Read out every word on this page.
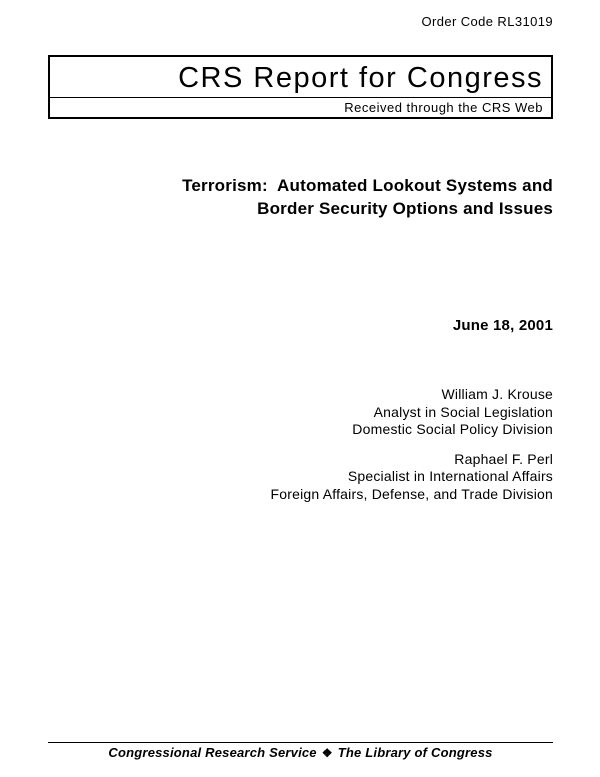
Order Code RL31019
CRS Report for Congress
Received through the CRS Web
Terrorism:  Automated Lookout Systems and
Border Security Options and Issues
June 18, 2001
William J. Krouse
Analyst in Social Legislation
Domestic Social Policy Division
Raphael F. Perl
Specialist in International Affairs
Foreign Affairs, Defense, and Trade Division
Congressional Research Service ❖ The Library of Congress
